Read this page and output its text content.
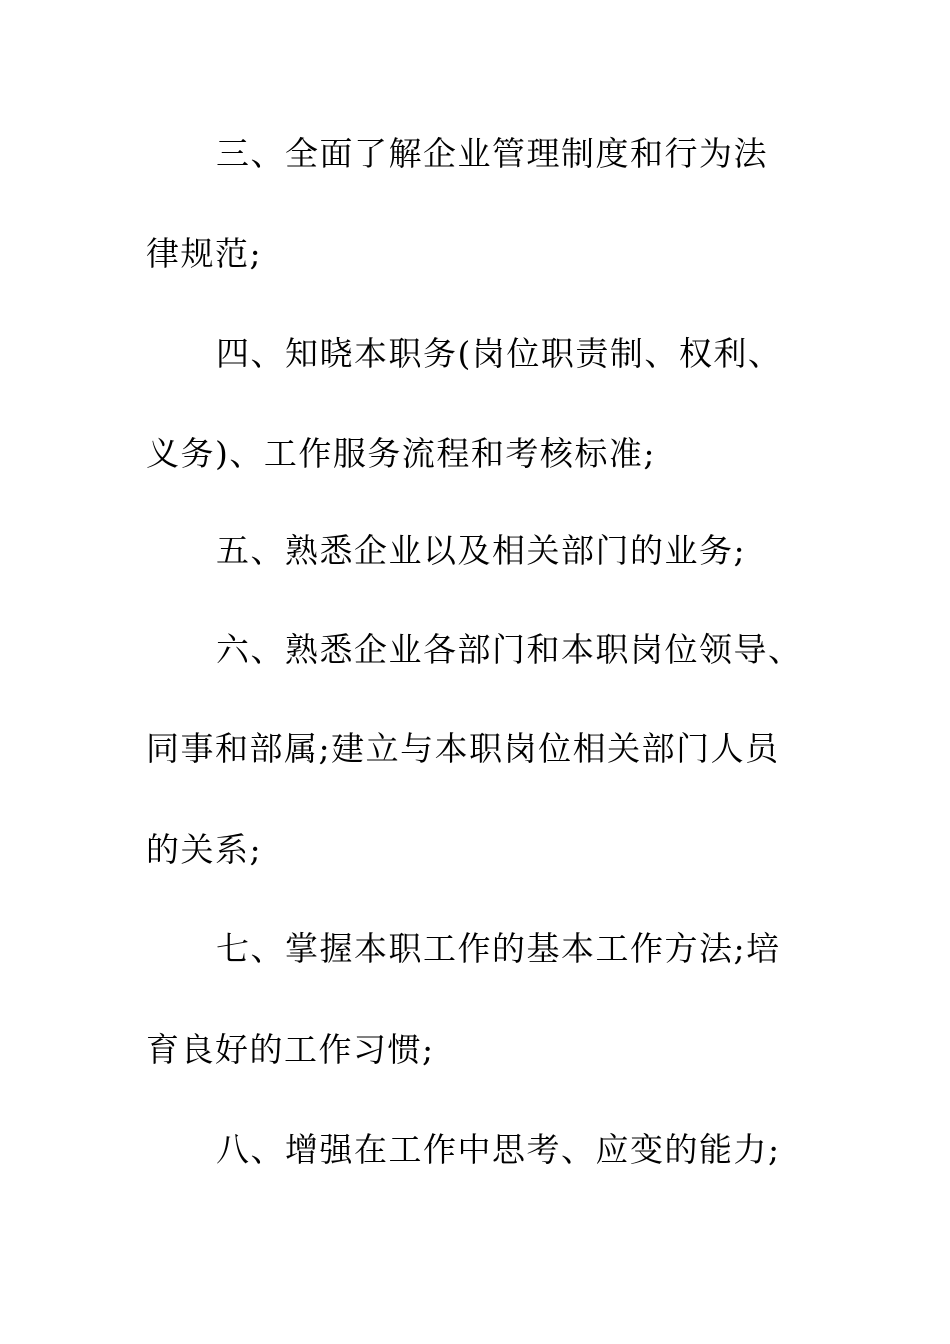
三、全面了解企业管理制度和行为法
律规范;
四、知晓本职务(岗位职责制、权利、
义务)、工作服务流程和考核标准;
五、熟悉企业以及相关部门的业务;
六、熟悉企业各部门和本职岗位领导、
同事和部属;建立与本职岗位相关部门人员
的关系;
七、掌握本职工作的基本工作方法;培
育良好的工作习惯;
八、增强在工作中思考、应变的能力;
